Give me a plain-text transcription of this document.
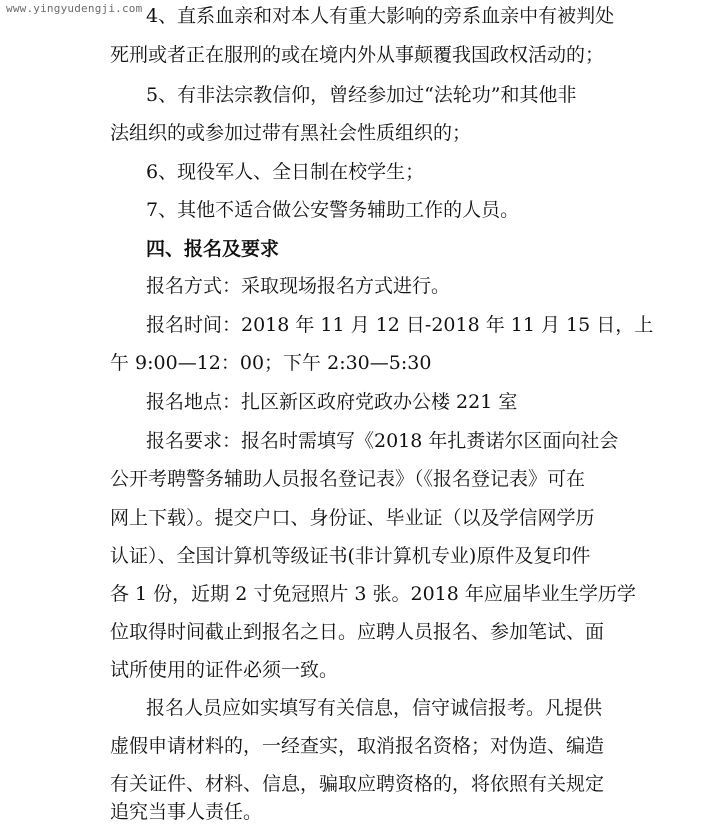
www.yingyudengji.com 4、直系血亲和对本人有重大影响的旁系血亲中有被判处
死刑或者正在服刑的或在境内外从事颠覆我国政权活动的；
5、有非法宗教信仰，曾经参加过“法轮功”和其他非
法组织的或参加过带有黑社会性质组织的；
6、现役军人、全日制在校学生；
7、其他不适合做公安警务辅助工作的人员。
四、报名及要求
报名方式：采取现场报名方式进行。
报名时间：2018 年 11 月 12 日-2018 年 11 月 15 日，上
午 9:00—12：00；下午 2:30—5:30
报名地点：扎区新区政府党政办公楼 221 室
报名要求：报名时需填写《2018 年扎赉诺尔区面向社会
公开考聘警务辅助人员报名登记表》（《报名登记表》可在
网上下载）。提交户口、身份证、毕业证（以及学信网学历
认证）、全国计算机等级证书(非计算机专业)原件及复印件
各 1 份，近期 2 寸免冠照片 3 张。2018 年应届毕业生学历学
位取得时间截止到报名之日。应聘人员报名、参加笔试、面
试所使用的证件必须一致。
报名人员应如实填写有关信息，信守诚信报考。凡提供
虚假申请材料的，一经查实，取消报名资格；对伪造、编造
有关证件、材料、信息，骗取应聘资格的，将依照有关规定
追究当事人责任。
